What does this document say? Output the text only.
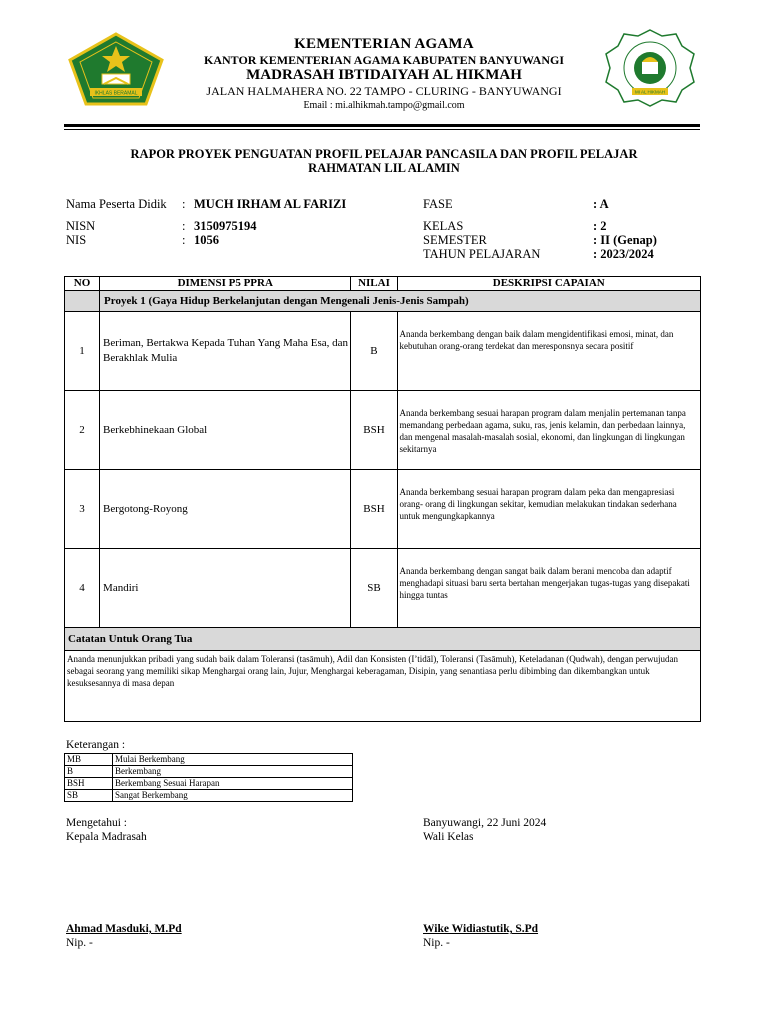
IKHLAS BERAMAL	MI AL HIKMAH
KEMENTERIAN AGAMA
KANTOR KEMENTERIAN AGAMA KABUPATEN BANYUWANGI
MADRASAH IBTIDAIYAH AL HIKMAH
JALAN HALMAHERA NO. 22 TAMPO - CLURING - BANYUWANGI
Email : mi.alhikmah.tampo@gmail.com
RAPOR PROYEK PENGUATAN PROFIL PELAJAR PANCASILA DAN PROFIL PELAJAR
RAHMATAN LIL ALAMIN
Nama Peserta Didik : MUCH IRHAM AL FARIZI
NISN	: 3150975194
NIS	: 1056
FASE	: A
KELAS	: 2
SEMESTER	: II (Genap)
TAHUN PELAJARAN	: 2023/2024
NO	DIMENSI P5 PPRA	NILAI	DESKRIPSI CAPAIAN
	Proyek 1 (Gaya Hidup Berkelanjutan dengan Mengenali Jenis-Jenis Sampah)		
1	Beriman, Bertakwa Kepada Tuhan Yang Maha Esa, dan Berakhlak Mulia	B	Ananda berkembang dengan baik dalam mengidentifikasi emosi, minat, dan kebutuhan orang-orang terdekat dan meresponsnya secara positif
2	Berkebhinekaan Global	BSH	Ananda berkembang sesuai harapan program dalam menjalin pertemanan tanpa memandang perbedaan agama, suku, ras, jenis kelamin, dan perbedaan lainnya, dan mengenal masalah-masalah sosial, ekonomi, dan lingkungan di lingkungan sekitarnya
3	Bergotong-Royong	BSH	Ananda berkembang sesuai harapan program dalam peka dan mengapresiasi orang- orang di lingkungan sekitar, kemudian melakukan tindakan sederhana untuk mengungkapkannya
4	Mandiri	SB	Ananda berkembang dengan sangat baik dalam berani mencoba dan adaptif menghadapi situasi baru serta bertahan mengerjakan tugas-tugas yang disepakati hingga tuntas
Catatan Untuk Orang Tua			
Ananda menunjukkan pribadi yang sudah baik dalam Toleransi (tasāmuh), Adil dan Konsisten (I’tidāl), Toleransi (Tasāmuh), Keteladanan (Qudwah), dengan perwujudan sebagai seorang yang memiliki sikap Menghargai orang lain, Jujur, Menghargai keberagaman, Disipin, yang senantiasa perlu dibimbing dan dikembangkan untuk kesuksesannya di masa depan			
Keterangan :
MB	Mulai Berkembang
B	Berkembang
BSH	Berkembang Sesuai Harapan
SB	Sangat Berkembang
Mengetahui :
Kepala Madrasah
Ahmad Masduki, M.Pd
Nip. -
Banyuwangi, 22 Juni 2024
Wali Kelas
Wike Widiastutik, S.Pd
Nip. -
